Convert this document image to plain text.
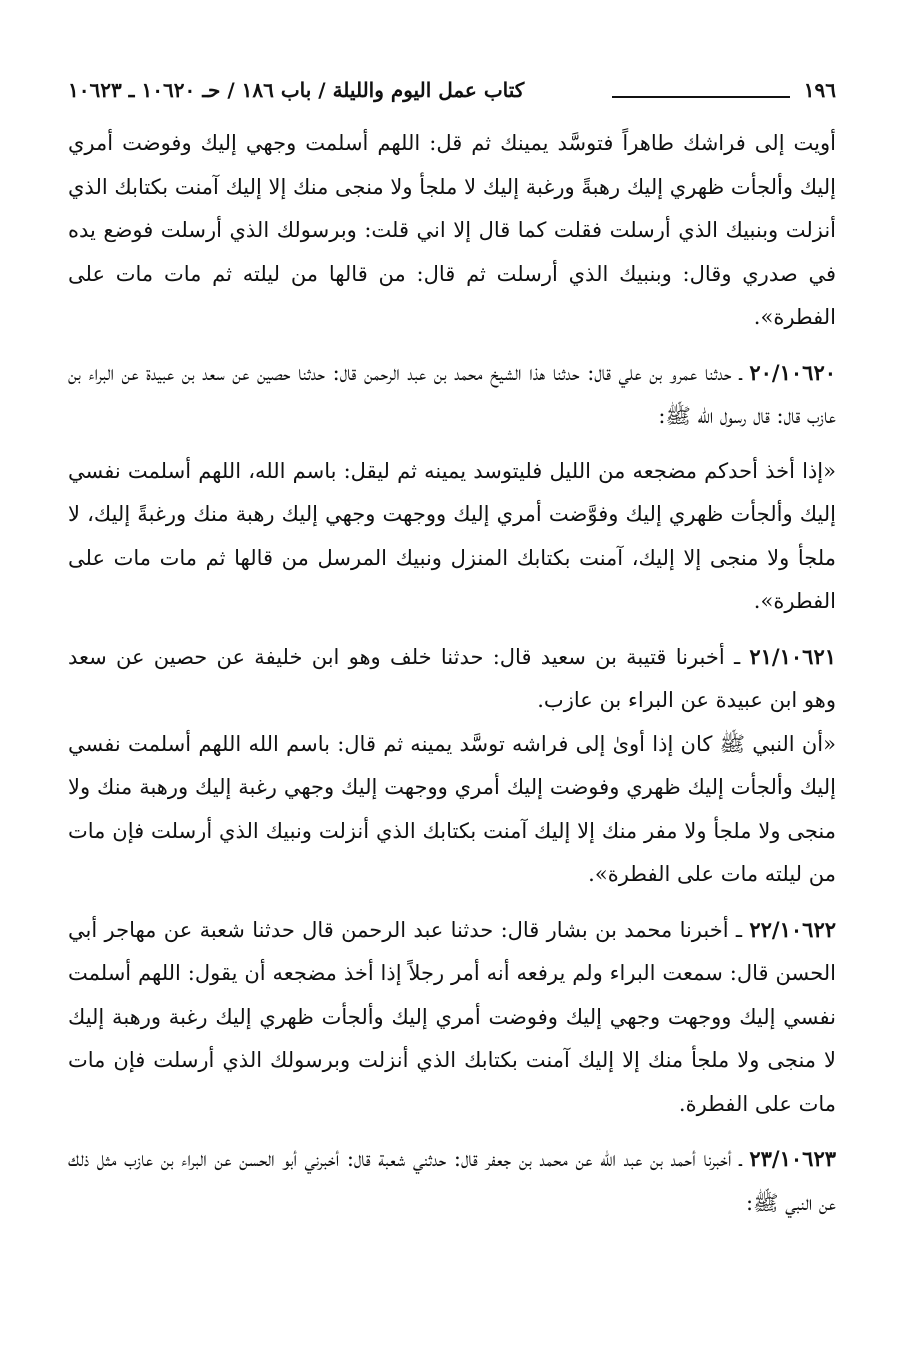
١٩٦
كتاب عمل اليوم والليلة / باب ١٨٦ / حـ ١٠٦٢٠ ـ ١٠٦٢٣

أويت إلى فراشك طاهراً فتوسَّد يمينك ثم قل: اللهم أسلمت وجهي إليك وفوضت أمري إليك وألجأت ظهري إليك رهبةً ورغبة إليك لا ملجأ ولا منجى منك إلا إليك آمنت بكتابك الذي أنزلت وبنبيك الذي أرسلت فقلت كما قال إلا اني قلت: وبرسولك الذي أرسلت فوضع يده في صدري وقال: وبنبيك الذي أرسلت ثم قال: من قالها من ليلته ثم مات مات على الفطرة».

٢٠/١٠٦٢٠ ـ حدثنا عمرو بن علي قال: حدثنا هذا الشيخ محمد بن عبد الرحمن قال: حدثنا حصين عن سعد بن عبيدة عن البراء بن عازب قال: قال رسول الله ﷺ:

«إذا أخذ أحدكم مضجعه من الليل فليتوسد يمينه ثم ليقل: باسم الله، اللهم أسلمت نفسي إليك وألجأت ظهري إليك وفوَّضت أمري إليك ووجهت وجهي إليك رهبة منك ورغبةً إليك، لا ملجأ ولا منجى إلا إليك، آمنت بكتابك المنزل ونبيك المرسل من قالها ثم مات مات على الفطرة».

٢١/١٠٦٢١ ـ أخبرنا قتيبة بن سعيد قال: حدثنا خلف وهو ابن خليفة عن حصين عن سعد وهو ابن عبيدة عن البراء بن عازب.

«أن النبي ﷺ كان إذا أوىٰ إلى فراشه توسَّد يمينه ثم قال: باسم الله اللهم أسلمت نفسي إليك وألجأت إليك ظهري وفوضت إليك أمري ووجهت إليك وجهي رغبة إليك ورهبة منك ولا منجى ولا ملجأ ولا مفر منك إلا إليك آمنت بكتابك الذي أنزلت ونبيك الذي أرسلت فإن مات من ليلته مات على الفطرة».

٢٢/١٠٦٢٢ ـ أخبرنا محمد بن بشار قال: حدثنا عبد الرحمن قال حدثنا شعبة عن مهاجر أبي الحسن قال: سمعت البراء ولم يرفعه أنه أمر رجلاً إذا أخذ مضجعه أن يقول: اللهم أسلمت نفسي إليك ووجهت وجهي إليك وفوضت أمري إليك وألجأت ظهري إليك رغبة ورهبة إليك لا منجى ولا ملجأ منك إلا إليك آمنت بكتابك الذي أنزلت وبرسولك الذي أرسلت فإن مات مات على الفطرة.

٢٣/١٠٦٢٣ ـ أخبرنا أحمد بن عبد الله عن محمد بن جعفر قال: حدثني شعبة قال: أخبرني أبو الحسن عن البراء بن عازب مثل ذلك عن النبي ﷺ:
